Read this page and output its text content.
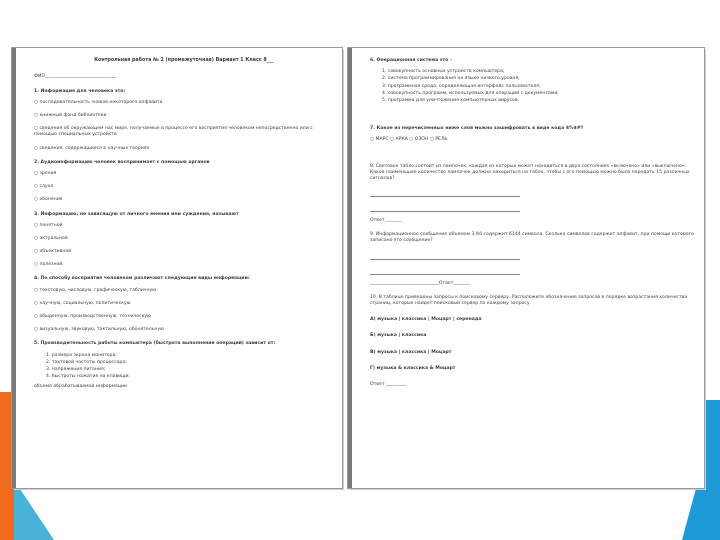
Контрольная работа № 2 (промежуточная) Вариант 1 Класс 8___
ФИО_______________________________
1. Информация для человека это:
○ последовательность знаков некоторого алфавита
○ книжный фонд библиотеки
○ сведения об окружающем нас мире, получаемые в процессе его восприятия человеком непосредственно или с помощью специальных устройств
○ сведения, содержащиеся в научных теориях
2. Аудиоинформацию человек воспринимает с помощью органов
○ зрения
○ слуха
○ обоняния
3. Информацию, не зависящую от личного мнения или суждения, называют
○ понятной
○ актуальной
○ объективной
○ полезной.
4. По способу восприятия человеком различают следующие виды информации:
○ текстовую, числовую, графическую, табличную
○ научную, социальную, политическую
○ обыденную, производственную, техническую
○ визуальную, звуковую, тактильную, обонятельную
5. Производительность работы компьютера (быстрота выполнения операций) зависит от:
1. размера экрана монитора;
2. тактовой частоты процессора;
3. напряжения питания;
4. быстроты нажатия на клавиши;
объема обрабатываемой информации
6. Операционная система это -
1. совокупность основных устройств компьютера;
2. система программирования на языке низкого уровня;
3. программная среда, определяющая интерфейс пользователя;
4. совокупность программ, используемых для операций с документами;
5. программа для уничтожения компьютерных вирусов.
7. Какое из перечисленных ниже слов можно зашифровать в виде кода $%$#?
○ МАРС ○ АРКА ○ ОЗОН ○ РЕЛЬ
8. Световое табло состоит из лампочек, каждая из которых может находиться в двух состояниях «включено» или «выключено». Какое наименьшее количество лампочек должно находиться на табло, чтобы с его помощью можно было передать 15 различных сигналов?
Ответ _______
9. Информационное сообщение объемом 3 Кб содержит 6144 символа. Сколько символов содержит алфавит, при помощи которого записано это сообщение?
______________________________Ответ_______
10. В таблице приведены запросы к поисковому серверу. Расположите обозначения запросов в порядке возрастания количества страниц, которые найдет поисковый сервер по каждому запросу.
А) музыка | классика | Моцарт | серенада
Б) музыка | классика
В) музыка | классика | Моцарт
Г) музыка & классика & Моцарт
Ответ _________
